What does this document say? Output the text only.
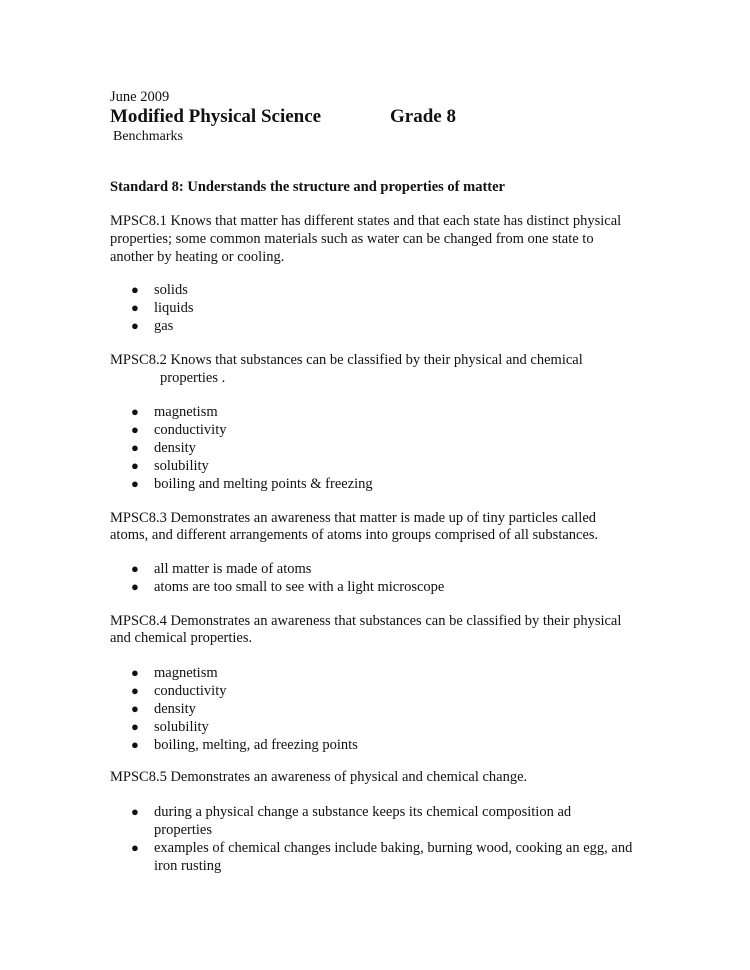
June 2009
Modified Physical Science	Grade 8
Benchmarks
Standard 8: Understands the structure and properties of matter
MPSC8.1 Knows that matter has different states and that each state has distinct physical
properties; some common materials such as water can be changed from one state to
another by heating or cooling.
● solids
● liquids
● gas
MPSC8.2 Knows that substances can be classified by their physical and chemical
properties .
● magnetism
● conductivity
● density
● solubility
● boiling and melting points & freezing
MPSC8.3 Demonstrates an awareness that matter is made up of tiny particles called
atoms, and different arrangements of atoms into groups comprised of all substances.
● all matter is made of atoms
● atoms are too small to see with a light microscope
MPSC8.4 Demonstrates an awareness that substances can be classified by their physical
and chemical properties.
● magnetism
● conductivity
● density
● solubility
● boiling, melting, ad freezing points
MPSC8.5 Demonstrates an awareness of physical and chemical change.
● during a physical change a substance keeps its chemical composition ad
properties
● examples of chemical changes include baking, burning wood, cooking an egg, and
iron rusting
